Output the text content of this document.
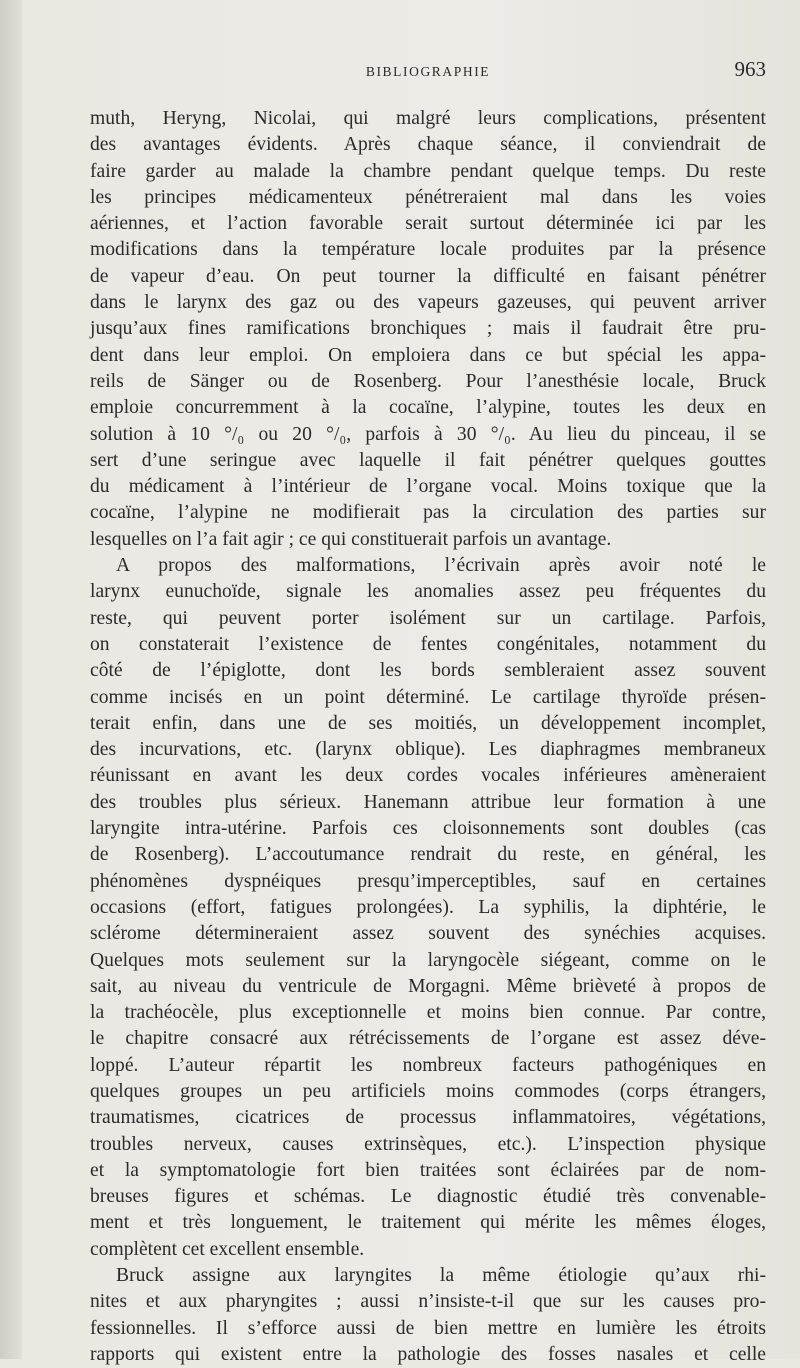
BIBLIOGRAPHIE	963
muth, Heryng, Nicolai, qui malgré leurs complications, présentent
des avantages évidents. Après chaque séance, il conviendrait de
faire garder au malade la chambre pendant quelque temps. Du reste
les principes médicamenteux pénétreraient mal dans les voies
aériennes, et l’action favorable serait surtout déterminée ici par les
modifications dans la température locale produites par la présence
de vapeur d’eau. On peut tourner la difficulté en faisant pénétrer
dans le larynx des gaz ou des vapeurs gazeuses, qui peuvent arriver
jusqu’aux fines ramifications bronchiques ; mais il faudrait être pru-
dent dans leur emploi. On emploiera dans ce but spécial les appa-
reils de Sänger ou de Rosenberg. Pour l’anesthésie locale, Bruck
emploie concurremment à la cocaïne, l’alypine, toutes les deux en
solution à 10 °/₀ ou 20 °/₀, parfois à 30 °/₀. Au lieu du pinceau, il se
sert d’une seringue avec laquelle il fait pénétrer quelques gouttes
du médicament à l’intérieur de l’organe vocal. Moins toxique que la
cocaïne, l’alypine ne modifierait pas la circulation des parties sur
lesquelles on l’a fait agir ; ce qui constituerait parfois un avantage.
A propos des malformations, l’écrivain après avoir noté le
larynx eunuchoïde, signale les anomalies assez peu fréquentes du
reste, qui peuvent porter isolément sur un cartilage. Parfois,
on constaterait l’existence de fentes congénitales, notamment du
côté de l’épiglotte, dont les bords sembleraient assez souvent
comme incisés en un point déterminé. Le cartilage thyroïde présen-
terait enfin, dans une de ses moitiés, un développement incomplet,
des incurvations, etc. (larynx oblique). Les diaphragmes membraneux
réunissant en avant les deux cordes vocales inférieures amèneraient
des troubles plus sérieux. Hanemann attribue leur formation à une
laryngite intra-utérine. Parfois ces cloisonnements sont doubles (cas
de Rosenberg). L’accoutumance rendrait du reste, en général, les
phénomènes dyspnéiques presqu’imperceptibles, sauf en certaines
occasions (effort, fatigues prolongées). La syphilis, la diphtérie, le
sclérome détermineraient assez souvent des synéchies acquises.
Quelques mots seulement sur la laryngocèle siégeant, comme on le
sait, au niveau du ventricule de Morgagni. Même brièveté à propos de
la trachéocèle, plus exceptionnelle et moins bien connue. Par contre,
le chapitre consacré aux rétrécissements de l’organe est assez déve-
loppé. L’auteur répartit les nombreux facteurs pathogéniques en
quelques groupes un peu artificiels moins commodes (corps étrangers,
traumatismes, cicatrices de processus inflammatoires, végétations,
troubles nerveux, causes extrinsèques, etc.). L’inspection physique
et la symptomatologie fort bien traitées sont éclairées par de nom-
breuses figures et schémas. Le diagnostic étudié très convenable-
ment et très longuement, le traitement qui mérite les mêmes éloges,
complètent cet excellent ensemble.
Bruck assigne aux laryngites la même étiologie qu’aux rhi-
nites et aux pharyngites ; aussi n’insiste-t-il que sur les causes pro-
fessionnelles. Il s’efforce aussi de bien mettre en lumière les étroits
rapports qui existent entre la pathologie des fosses nasales et celle
